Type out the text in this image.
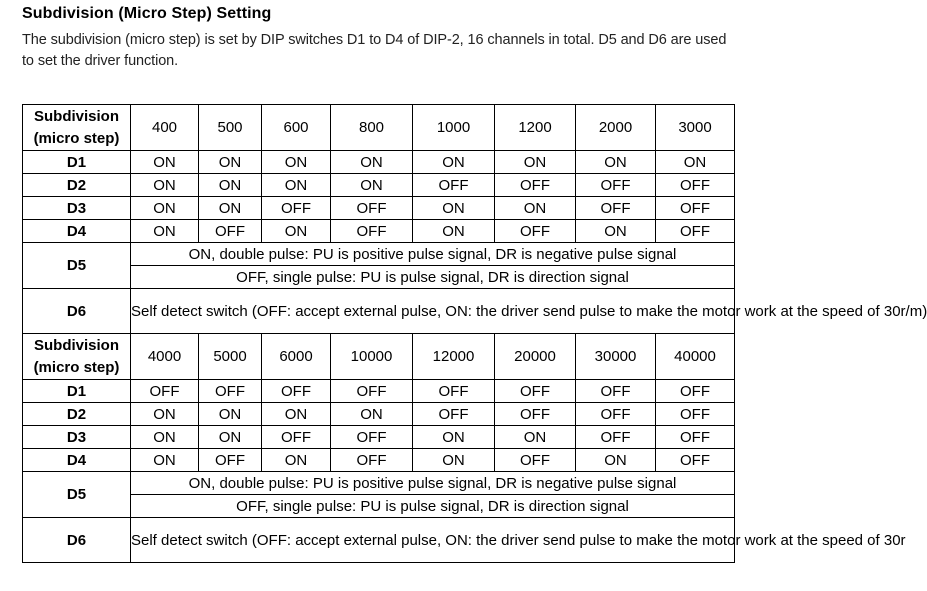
Subdivision (Micro Step) Setting
The subdivision (micro step) is set by DIP switches D1 to D4 of DIP-2, 16 channels in total. D5 and D6 are used to set the driver function.
Subdivision
(micro step)	400	500	600	800	1000	1200	2000	3000
D1	ON	ON	ON	ON	ON	ON	ON	ON
D2	ON	ON	ON	ON	OFF	OFF	OFF	OFF
D3	ON	ON	OFF	OFF	ON	ON	OFF	OFF
D4	ON	OFF	ON	OFF	ON	OFF	ON	OFF
D5	ON, double pulse: PU is positive pulse signal, DR is negative pulse signal							
	OFF, single pulse: PU is pulse signal, DR is direction signal							
D6	Self detect switch (OFF: accept external pulse, ON: the driver send pulse to make the motor work at the speed of 30r/m)							

Subdivision
(micro step)	4000	5000	6000	10000	12000	20000	30000	40000
D1	OFF	OFF	OFF	OFF	OFF	OFF	OFF	OFF
D2	ON	ON	ON	ON	OFF	OFF	OFF	OFF
D3	ON	ON	OFF	OFF	ON	ON	OFF	OFF
D4	ON	OFF	ON	OFF	ON	OFF	ON	OFF
D5	ON, double pulse: PU is positive pulse signal, DR is negative pulse signal							
	OFF, single pulse: PU is pulse signal, DR is direction signal							
D6	Self detect switch (OFF: accept external pulse, ON: the driver send pulse to make the motor work at the speed of 30r							
